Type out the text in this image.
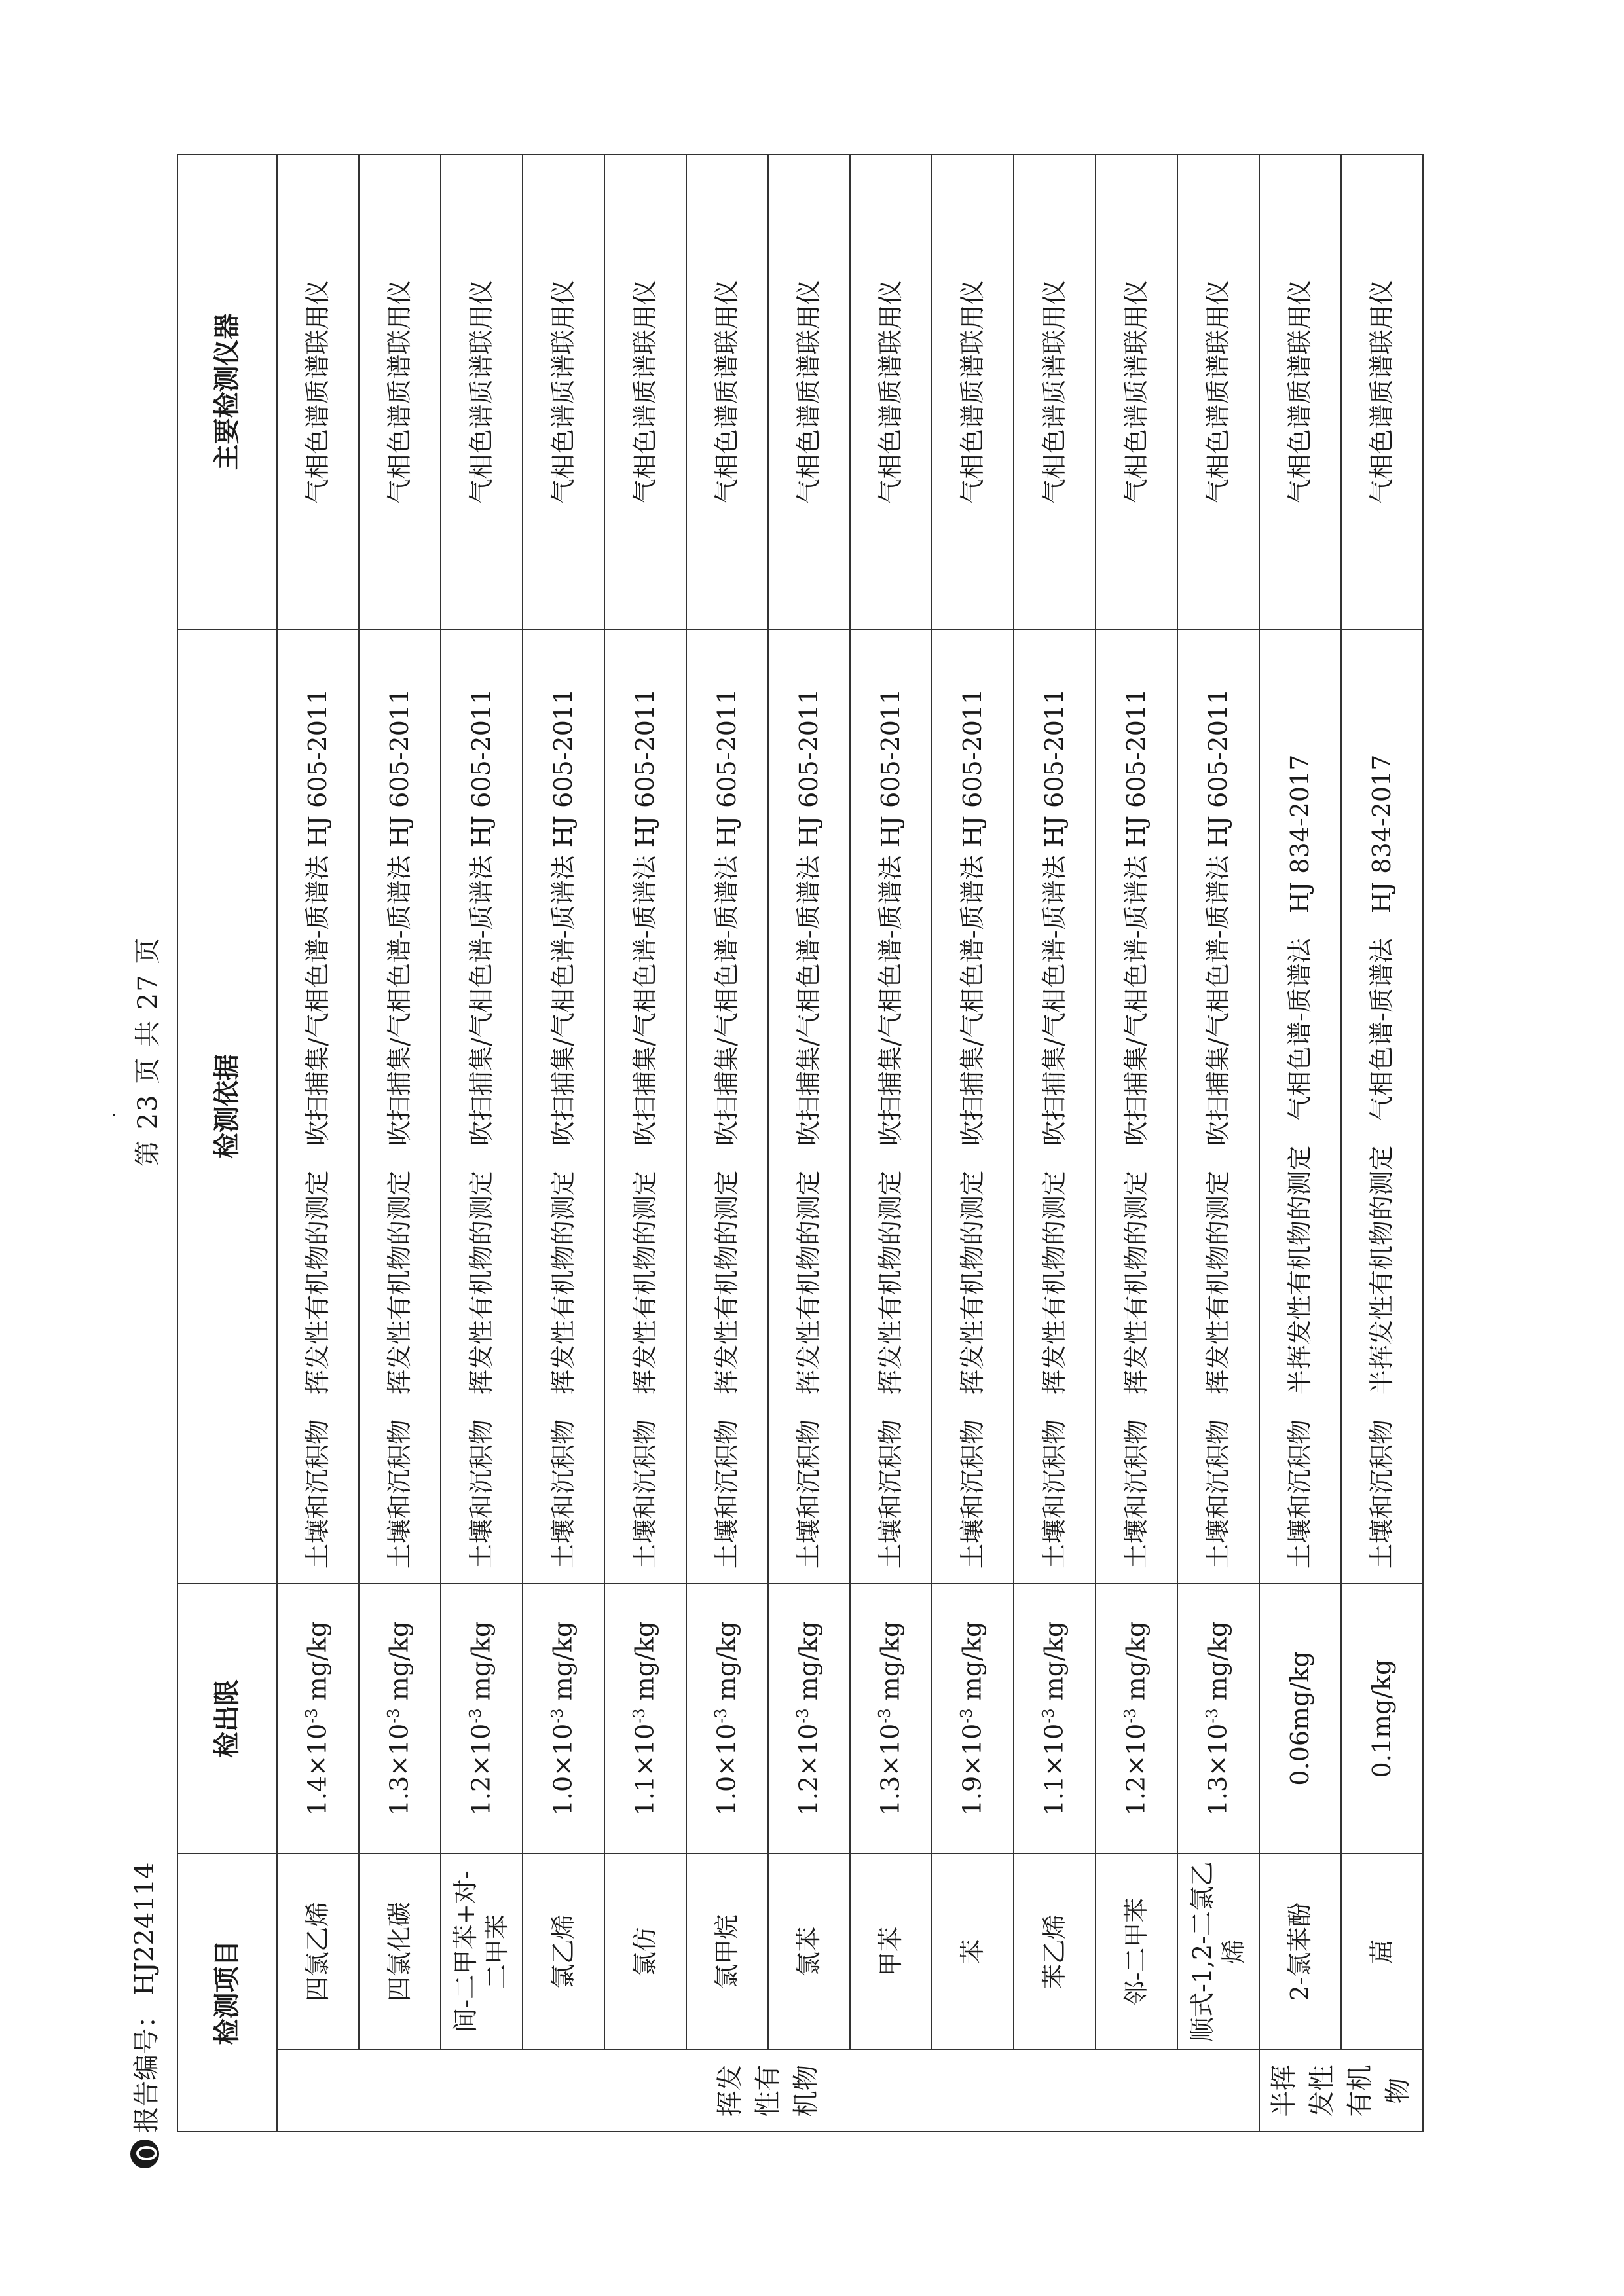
报告编号：
HJ224114
· 第 23 页 共 27 页
检测项目		检出限	检测依据	主要检测仪器
挥发性有机物	四氯乙烯	$1.4\times 10^{-3}$ mg/kg	土壤和沉积物　挥发性有机物的测定　吹扫捕集/气相色谱-质谱法 HJ 605-2011	气相色谱质谱联用仪
	四氯化碳	$1.3\times 10^{-3}$ mg/kg	土壤和沉积物　挥发性有机物的测定　吹扫捕集/气相色谱-质谱法 HJ 605-2011	气相色谱质谱联用仪
	间-二甲苯+对-二甲苯	$1.2\times 10^{-3}$ mg/kg	土壤和沉积物　挥发性有机物的测定　吹扫捕集/气相色谱-质谱法 HJ 605-2011	气相色谱质谱联用仪
	氯乙烯	$1.0\times 10^{-3}$ mg/kg	土壤和沉积物　挥发性有机物的测定　吹扫捕集/气相色谱-质谱法 HJ 605-2011	气相色谱质谱联用仪
	氯仿	$1.1\times 10^{-3}$ mg/kg	土壤和沉积物　挥发性有机物的测定　吹扫捕集/气相色谱-质谱法 HJ 605-2011	气相色谱质谱联用仪
	氯甲烷	$1.0\times 10^{-3}$ mg/kg	土壤和沉积物　挥发性有机物的测定　吹扫捕集/气相色谱-质谱法 HJ 605-2011	气相色谱质谱联用仪
	氯苯	$1.2\times 10^{-3}$ mg/kg	土壤和沉积物　挥发性有机物的测定　吹扫捕集/气相色谱-质谱法 HJ 605-2011	气相色谱质谱联用仪
	甲苯	$1.3\times 10^{-3}$ mg/kg	土壤和沉积物　挥发性有机物的测定　吹扫捕集/气相色谱-质谱法 HJ 605-2011	气相色谱质谱联用仪
	苯	$1.9\times 10^{-3}$ mg/kg	土壤和沉积物　挥发性有机物的测定　吹扫捕集/气相色谱-质谱法 HJ 605-2011	气相色谱质谱联用仪
	苯乙烯	$1.1\times 10^{-3}$ mg/kg	土壤和沉积物　挥发性有机物的测定　吹扫捕集/气相色谱-质谱法 HJ 605-2011	气相色谱质谱联用仪
	邻-二甲苯	$1.2\times 10^{-3}$ mg/kg	土壤和沉积物　挥发性有机物的测定　吹扫捕集/气相色谱-质谱法 HJ 605-2011	气相色谱质谱联用仪
	顺式-1,2-二氯乙烯	$1.3\times 10^{-3}$ mg/kg	土壤和沉积物　挥发性有机物的测定　吹扫捕集/气相色谱-质谱法 HJ 605-2011	气相色谱质谱联用仪
半挥发性有机物	2-氯苯酚	0.06mg/kg	土壤和沉积物　半挥发性有机物的测定　气相色谱-质谱法　HJ 834-2017	气相色谱质谱联用仪
	䓛	0.1mg/kg	土壤和沉积物　半挥发性有机物的测定　气相色谱-质谱法　HJ 834-2017	气相色谱质谱联用仪
